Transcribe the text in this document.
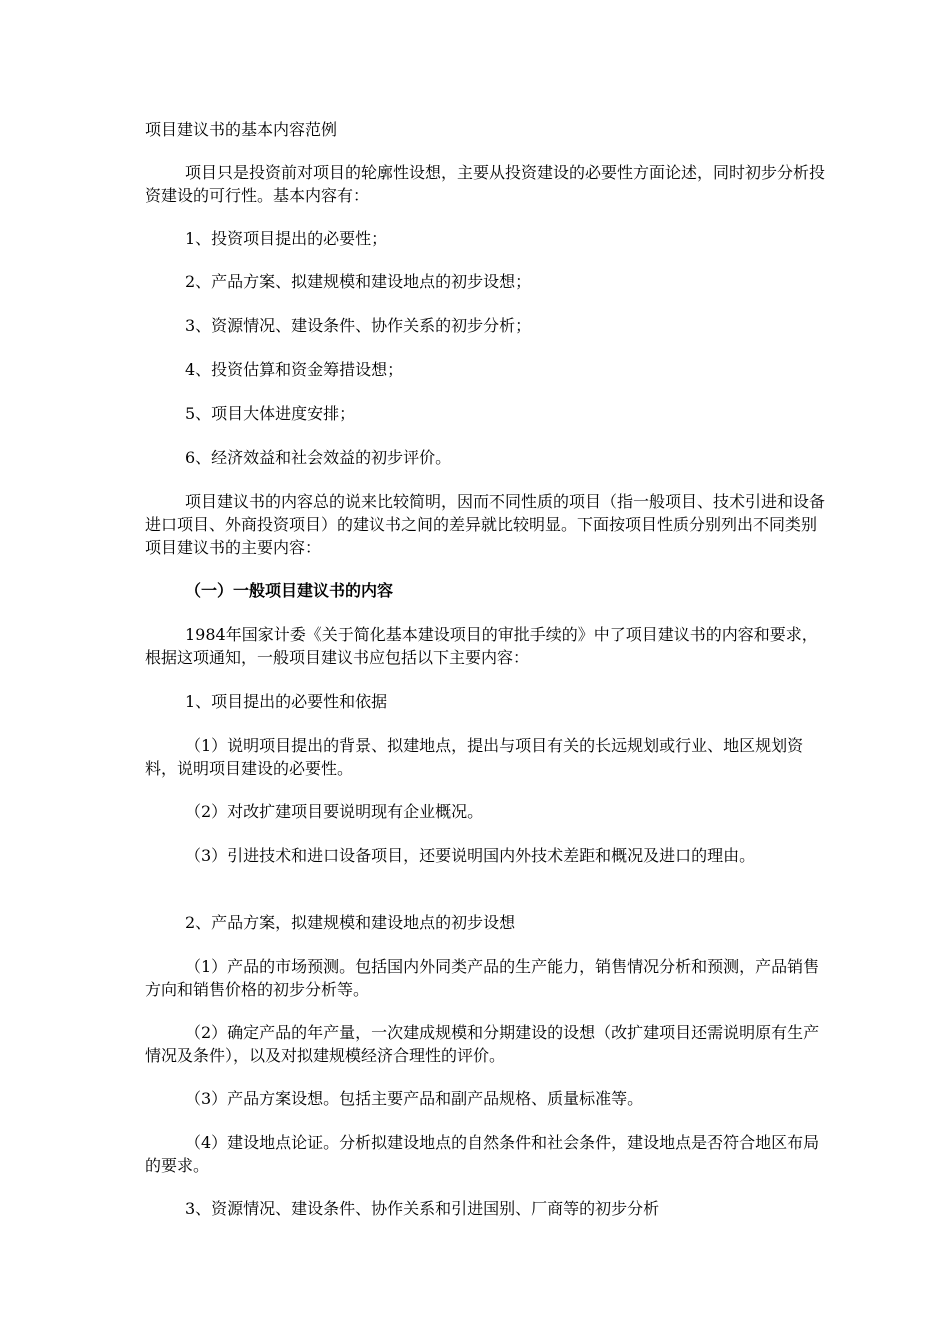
项目建议书的基本内容范例

项目只是投资前对项目的轮廓性设想，主要从投资建设的必要性方面论述，同时初步分析投资建设的可行性。基本内容有：

1、投资项目提出的必要性；

2、产品方案、拟建规模和建设地点的初步设想；

3、资源情况、建设条件、协作关系的初步分析；

4、投资估算和资金筹措设想；

5、项目大体进度安排；

6、经济效益和社会效益的初步评价。

项目建议书的内容总的说来比较简明，因而不同性质的项目（指一般项目、技术引进和设备进口项目、外商投资项目）的建议书之间的差异就比较明显。下面按项目性质分别列出不同类别项目建议书的主要内容：

（一）一般项目建议书的内容

1984年国家计委《关于简化基本建设项目的审批手续的》中了项目建议书的内容和要求，根据这项通知，一般项目建议书应包括以下主要内容：

1、项目提出的必要性和依据

（1）说明项目提出的背景、拟建地点，提出与项目有关的长远规划或行业、地区规划资料，说明项目建设的必要性。

（2）对改扩建项目要说明现有企业概况。

（3）引进技术和进口设备项目，还要说明国内外技术差距和概况及进口的理由。

2、产品方案，拟建规模和建设地点的初步设想

（1）产品的市场预测。包括国内外同类产品的生产能力，销售情况分析和预测，产品销售方向和销售价格的初步分析等。

（2）确定产品的年产量，一次建成规模和分期建设的设想（改扩建项目还需说明原有生产情况及条件），以及对拟建规模经济合理性的评价。

（3）产品方案设想。包括主要产品和副产品规格、质量标准等。

（4）建设地点论证。分析拟建设地点的自然条件和社会条件，建设地点是否符合地区布局的要求。

3、资源情况、建设条件、协作关系和引进国别、厂商等的初步分析
